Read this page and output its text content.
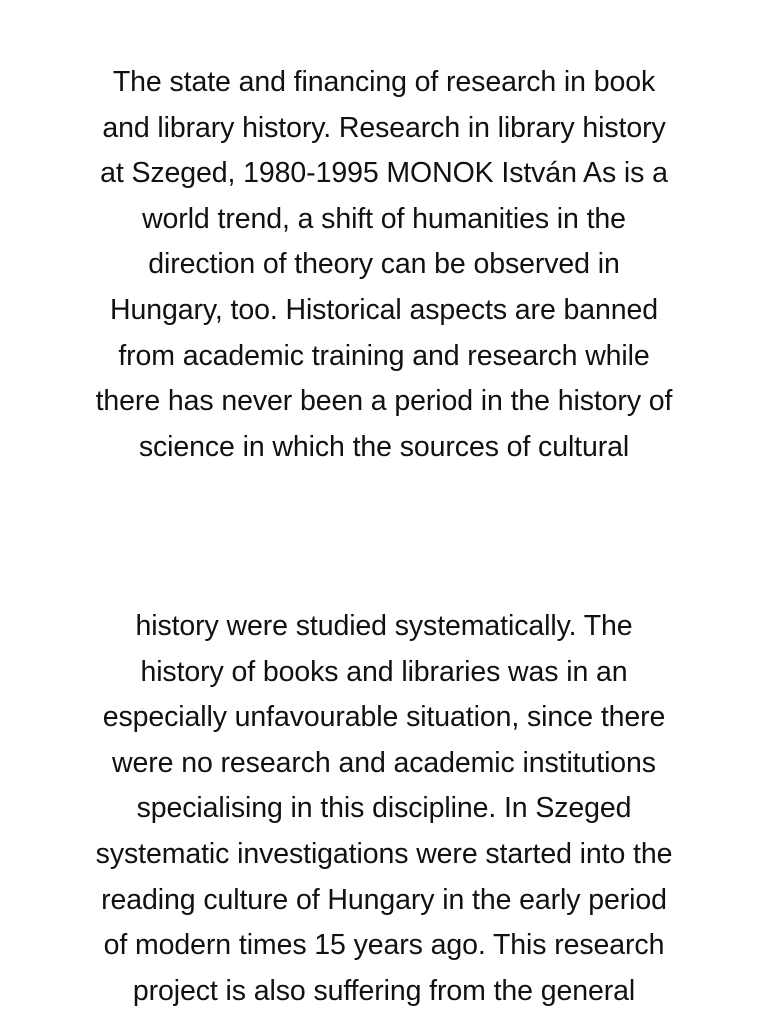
The state and financing of research in book
and library history. Research in library history
at Szeged, 1980-1995 MONOK István As is a
world trend, a shift of humanities in the
direction of theory can be observed in
Hungary, too. Historical aspects are banned
from academic training and research while
there has never been a period in the history of
science in which the sources of cultural
history were studied systematically. The
history of books and libraries was in an
especially unfavourable situation, since there
were no research and academic institutions
specialising in this discipline. In Szeged
systematic investigations were started into the
reading culture of Hungary in the early period
of modern times 15 years ago. This research
project is also suffering from the general
